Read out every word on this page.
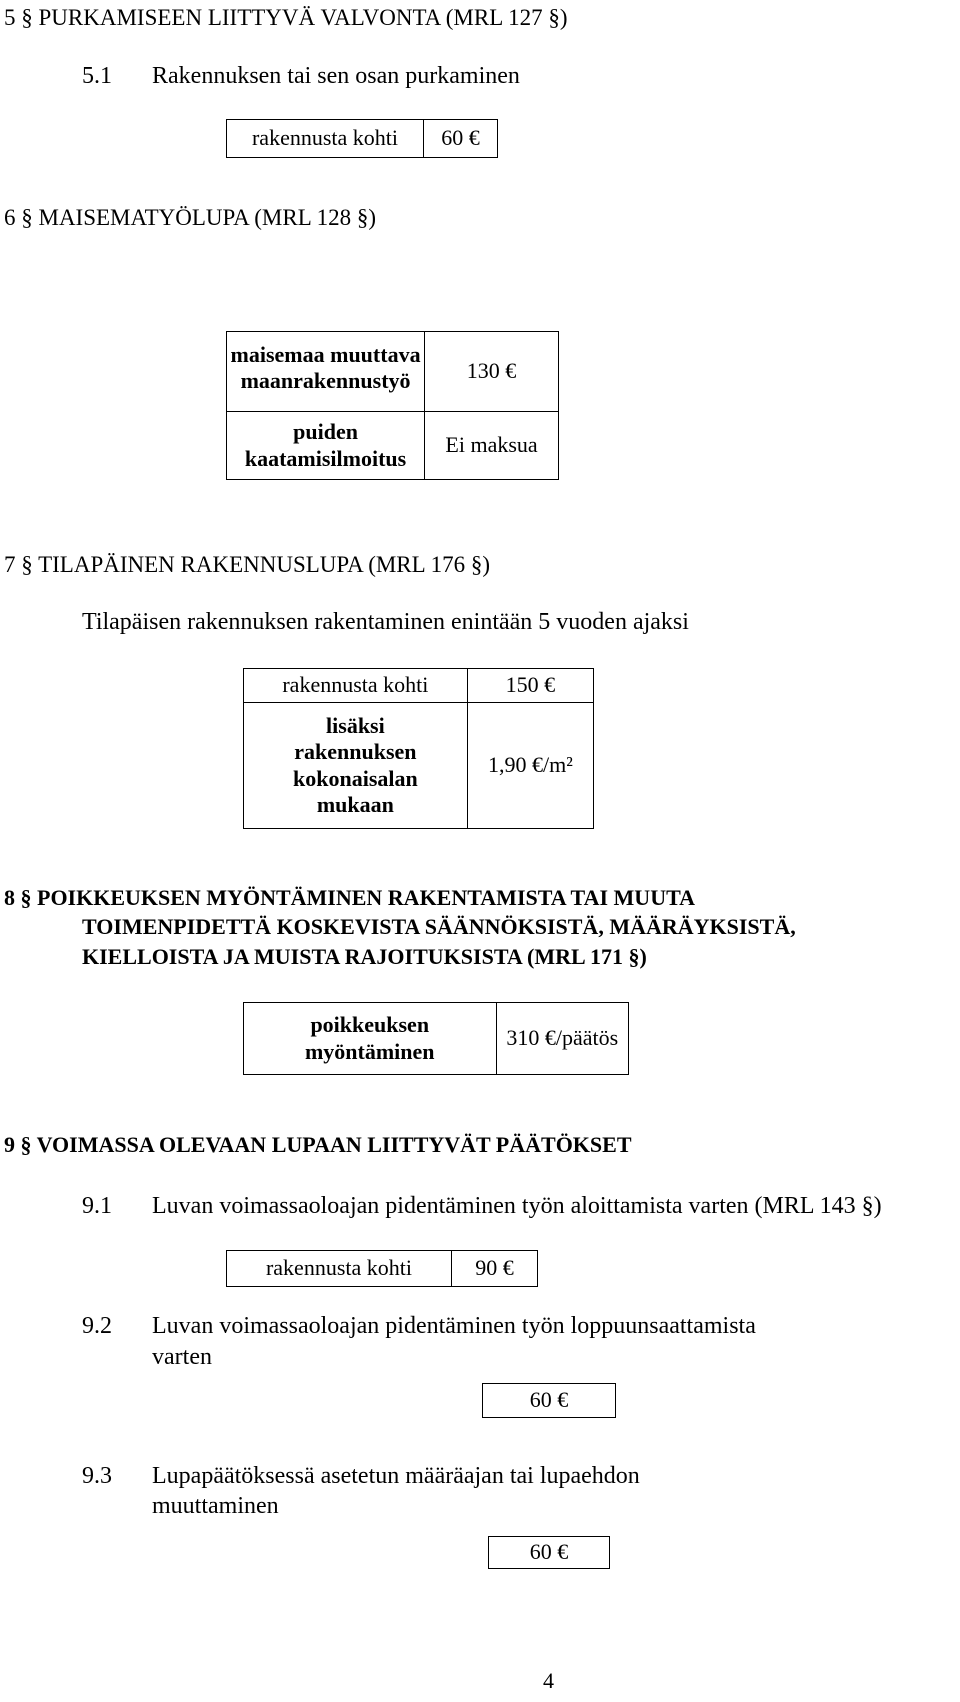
5 § PURKAMISEEN LIITTYVÄ VALVONTA (MRL 127 §)
5.1 Rakennuksen tai sen osan purkaminen
rakennusta kohti	60 €
6 § MAISEMATYÖLUPA (MRL 128 §)
maisemaa muuttava maanrakennustyö	130 €
puiden kaatamisilmoitus	Ei maksua
7 § TILAPÄINEN RAKENNUSLUPA (MRL 176 §)
Tilapäisen rakennuksen rakentaminen enintään 5 vuoden ajaksi
rakennusta kohti	150 €
lisäksi rakennuksen kokonaisalan mukaan	1,90 €/m²
8 § POIKKEUKSEN MYÖNTÄMINEN RAKENTAMISTA TAI MUUTA
TOIMENPIDETTÄ KOSKEVISTA SÄÄNNÖKSISTÄ, MÄÄRÄYKSISTÄ,
KIELLOISTA JA MUISTA RAJOITUKSISTA (MRL 171 §)
poikkeuksen myöntäminen	310 €/päätös
9 § VOIMASSA OLEVAAN LUPAAN LIITTYVÄT PÄÄTÖKSET
9.1 Luvan voimassaoloajan pidentäminen työn aloittamista varten (MRL 143 §)
rakennusta kohti	90 €
9.2 Luvan voimassaoloajan pidentäminen työn loppuunsaattamista
varten
60 €
9.3 Lupapäätöksessä asetetun määräajan tai lupaehdon
muuttaminen
60 €
4
